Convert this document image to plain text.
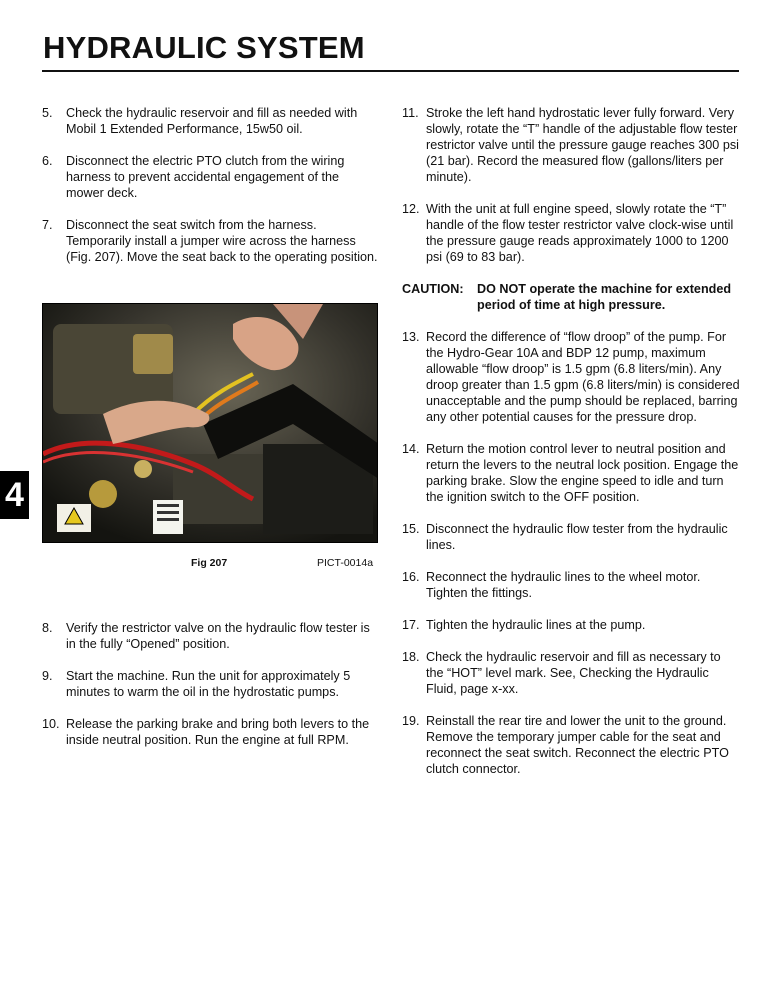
HYDRAULIC SYSTEM
5. Check the hydraulic reservoir and fill as needed with Mobil 1 Extended Performance, 15w50 oil.
6. Disconnect the electric PTO clutch from the wiring harness to prevent accidental engagement of the mower deck.
7. Disconnect the seat switch from the harness. Temporarily install a jumper wire across the harness (Fig. 207). Move the seat back to the operating position.
Fig 207	PICT-0014a
8. Verify the restrictor valve on the hydraulic flow tester is in the fully “Opened” position.
9. Start the machine. Run the unit for approximately 5 minutes to warm the oil in the hydrostatic pumps.
10. Release the parking brake and bring both levers to the inside neutral position. Run the engine at full RPM.
11. Stroke the left hand hydrostatic lever fully forward. Very slowly, rotate the “T” handle of the adjustable flow tester restrictor valve until the pressure gauge reaches 300 psi (21 bar). Record the measured flow (gallons/liters per minute).
12. With the unit at full engine speed, slowly rotate the “T” handle of the flow tester restrictor valve clock-wise until the pressure gauge reads approximately 1000 to 1200 psi (69 to 83 bar).
CAUTION: DO NOT operate the machine for extended period of time at high pressure.
13. Record the difference of “flow droop” of the pump. For the Hydro-Gear 10A and BDP 12 pump, maximum allowable “flow droop” is 1.5 gpm (6.8 liters/min). Any droop greater than 1.5 gpm (6.8 liters/min) is considered unacceptable and the pump should be replaced, barring any other potential causes for the pressure drop.
14. Return the motion control lever to neutral position and return the levers to the neutral lock position. Engage the parking brake. Slow the engine speed to idle and turn the ignition switch to the OFF position.
15. Disconnect the hydraulic flow tester from the hydraulic lines.
16. Reconnect the hydraulic lines to the wheel motor. Tighten the fittings.
17. Tighten the hydraulic lines at the pump.
18. Check the hydraulic reservoir and fill as necessary to the “HOT” level mark. See, Checking the Hydraulic Fluid, page x-xx.
19. Reinstall the rear tire and lower the unit to the ground. Remove the temporary jumper cable for the seat and reconnect the seat switch. Reconnect the electric PTO clutch connector.
4
